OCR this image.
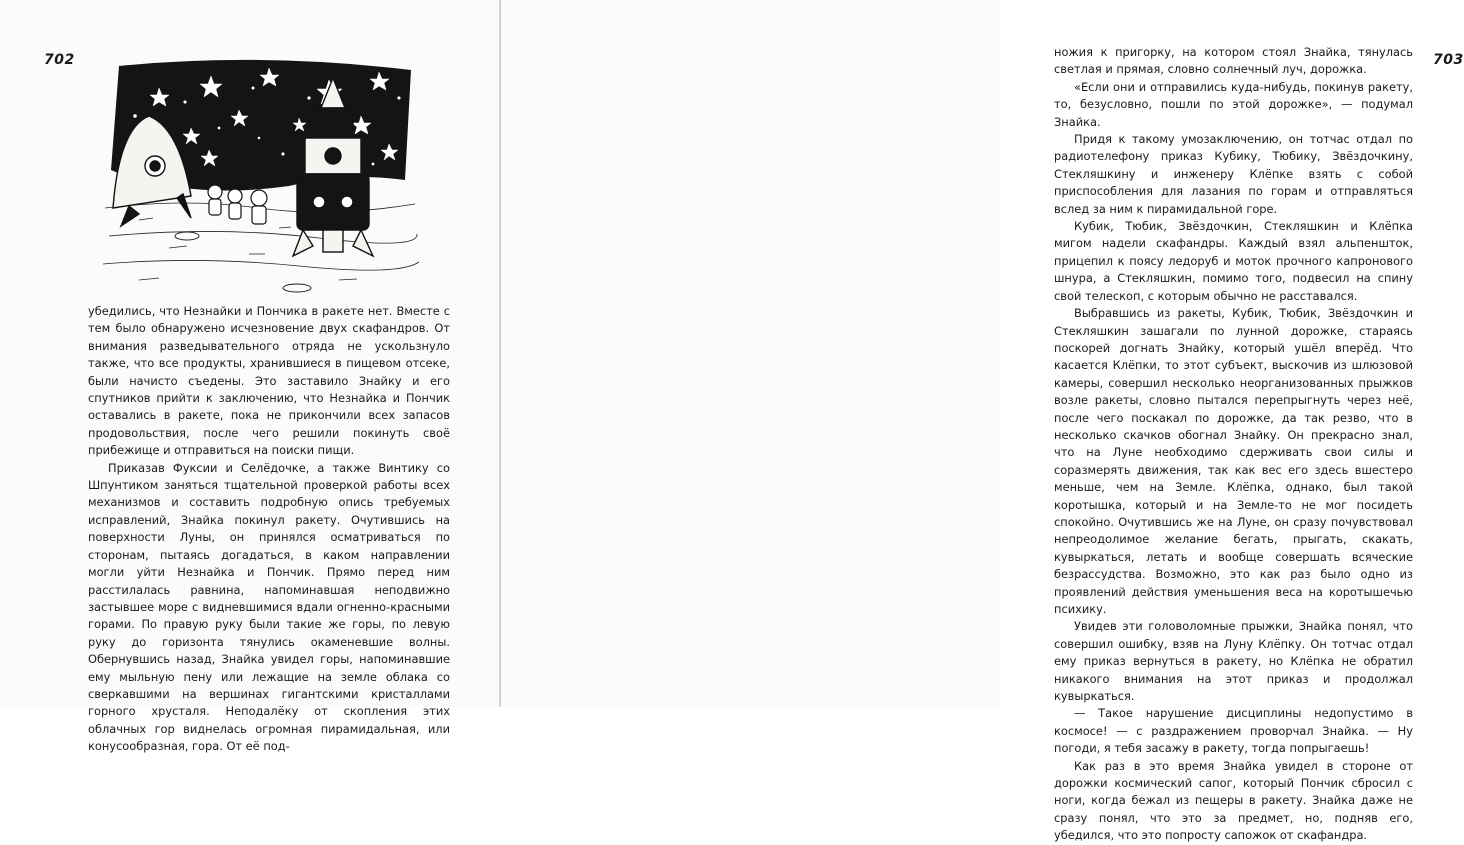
702

убедились, что Незнайки и Пончика в ракете нет. Вместе с тем было обнаружено исчезновение двух скафандров. От внимания разведывательного отряда не ускользнуло также, что все продукты, хранившиеся в пищевом отсеке, были начисто съедены. Это заставило Знайку и его спутников прийти к заключению, что Незнайка и Пончик оставались в ракете, пока не прикончили всех запасов продовольствия, после чего решили покинуть своё прибежище и отправиться на поиски пищи.

Приказав Фуксии и Селёдочке, а также Винтику со Шпунтиком заняться тщательной проверкой работы всех механизмов и составить подробную опись требуемых исправлений, Знайка покинул ракету. Очутившись на поверхности Луны, он принялся осматриваться по сторонам, пытаясь догадаться, в каком направлении могли уйти Незнайка и Пончик. Прямо перед ним расстилалась равнина, напоминавшая неподвижно застывшее море с видневшимися вдали огненно-красными горами. По правую руку были такие же горы, по левую руку до горизонта тянулись окаменевшие волны. Обернувшись назад, Знайка увидел горы, напоминавшие ему мыльную пену или лежащие на земле облака со сверкавшими на вершинах гигантскими кристаллами горного хрусталя. Неподалёку от скопления этих облачных гор виднелась огромная пирамидальная, или конусообразная, гора. От её под-

703

ножия к пригорку, на котором стоял Знайка, тянулась светлая и прямая, словно солнечный луч, дорожка.

«Если они и отправились куда-нибудь, покинув ракету, то, безусловно, пошли по этой дорожке», — подумал Знайка.

Придя к такому умозаключению, он тотчас отдал по радиотелефону приказ Кубику, Тюбику, Звёздочкину, Стекляшкину и инженеру Клёпке взять с собой приспособления для лазания по горам и отправляться вслед за ним к пирамидальной горе.

Кубик, Тюбик, Звёздочкин, Стекляшкин и Клёпка мигом надели скафандры. Каждый взял альпеншток, прицепил к поясу ледоруб и моток прочного капронового шнура, а Стекляшкин, помимо того, подвесил на спину свой телескоп, с которым обычно не расставался.

Выбравшись из ракеты, Кубик, Тюбик, Звёздочкин и Стекляшкин зашагали по лунной дорожке, стараясь поскорей догнать Знайку, который ушёл вперёд. Что касается Клёпки, то этот субъект, выскочив из шлюзовой камеры, совершил несколько неорганизованных прыжков возле ракеты, словно пытался перепрыгнуть через неё, после чего поскакал по дорожке, да так резво, что в несколько скачков обогнал Знайку. Он прекрасно знал, что на Луне необходимо сдерживать свои силы и соразмерять движения, так как вес его здесь вшестеро меньше, чем на Земле. Клёпка, однако, был такой коротышка, который и на Земле-то не мог посидеть спокойно. Очутившись же на Луне, он сразу почувствовал непреодолимое желание бегать, прыгать, скакать, кувыркаться, летать и вообще совершать всяческие безрассудства. Возможно, это как раз было одно из проявлений действия уменьшения веса на коротышечью психику.

Увидев эти головоломные прыжки, Знайка понял, что совершил ошибку, взяв на Луну Клёпку. Он тотчас отдал ему приказ вернуться в ракету, но Клёпка не обратил никакого внимания на этот приказ и продолжал кувыркаться.

— Такое нарушение дисциплины недопустимо в космосе! — с раздражением проворчал Знайка. — Ну погоди, я тебя засажу в ракету, тогда попрыгаешь!

Как раз в это время Знайка увидел в стороне от дорожки космический сапог, который Пончик сбросил с ноги, когда бежал из пещеры в ракету. Знайка даже не сразу понял, что это за предмет, но, подняв его, убедился, что это попросту сапожок от скафандра.
